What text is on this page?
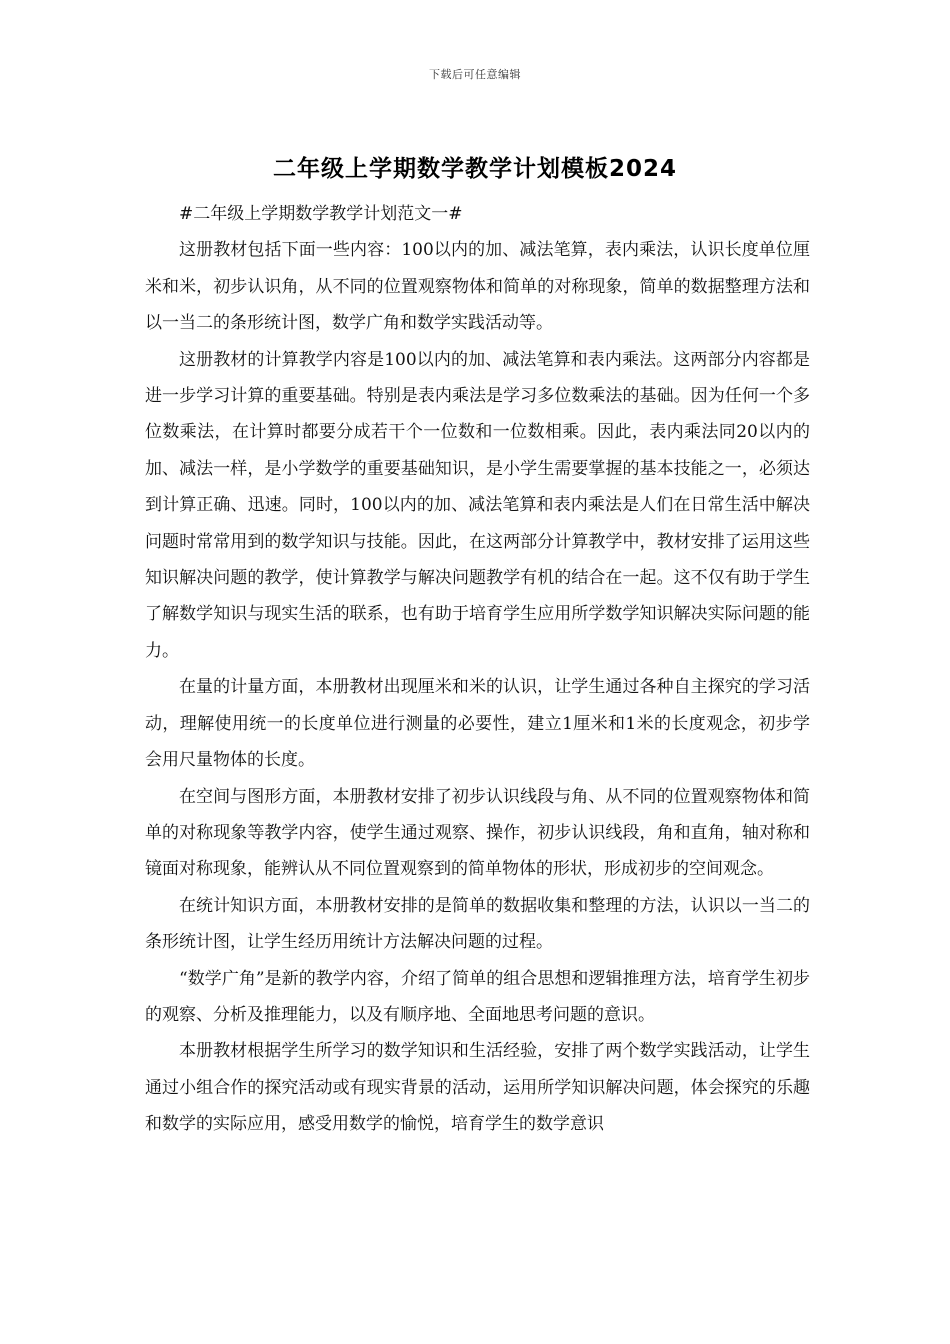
下载后可任意编辑
二年级上学期数学教学计划模板2024

#二年级上学期数学教学计划范文一#

这册教材包括下面一些内容：100以内的加、减法笔算，表内乘法，认识长度单位厘米和米，初步认识角，从不同的位置观察物体和简单的对称现象，简单的数据整理方法和以一当二的条形统计图，数学广角和数学实践活动等。

这册教材的计算教学内容是100以内的加、减法笔算和表内乘法。这两部分内容都是进一步学习计算的重要基础。特别是表内乘法是学习多位数乘法的基础。因为任何一个多位数乘法，在计算时都要分成若干个一位数和一位数相乘。因此，表内乘法同20以内的加、减法一样，是小学数学的重要基础知识，是小学生需要掌握的基本技能之一，必须达到计算正确、迅速。同时，100以内的加、减法笔算和表内乘法是人们在日常生活中解决问题时常常用到的数学知识与技能。因此，在这两部分计算教学中，教材安排了运用这些知识解决问题的教学，使计算教学与解决问题教学有机的结合在一起。这不仅有助于学生了解数学知识与现实生活的联系，也有助于培育学生应用所学数学知识解决实际问题的能力。

在量的计量方面，本册教材出现厘米和米的认识，让学生通过各种自主探究的学习活动，理解使用统一的长度单位进行测量的必要性，建立1厘米和1米的长度观念，初步学会用尺量物体的长度。

在空间与图形方面，本册教材安排了初步认识线段与角、从不同的位置观察物体和简单的对称现象等教学内容，使学生通过观察、操作，初步认识线段，角和直角，轴对称和镜面对称现象，能辨认从不同位置观察到的简单物体的形状，形成初步的空间观念。

在统计知识方面，本册教材安排的是简单的数据收集和整理的方法，认识以一当二的条形统计图，让学生经历用统计方法解决问题的过程。

“数学广角”是新的教学内容，介绍了简单的组合思想和逻辑推理方法，培育学生初步的观察、分析及推理能力，以及有顺序地、全面地思考问题的意识。

本册教材根据学生所学习的数学知识和生活经验，安排了两个数学实践活动，让学生通过小组合作的探究活动或有现实背景的活动，运用所学知识解决问题，体会探究的乐趣和数学的实际应用，感受用数学的愉悦，培育学生的数学意识
